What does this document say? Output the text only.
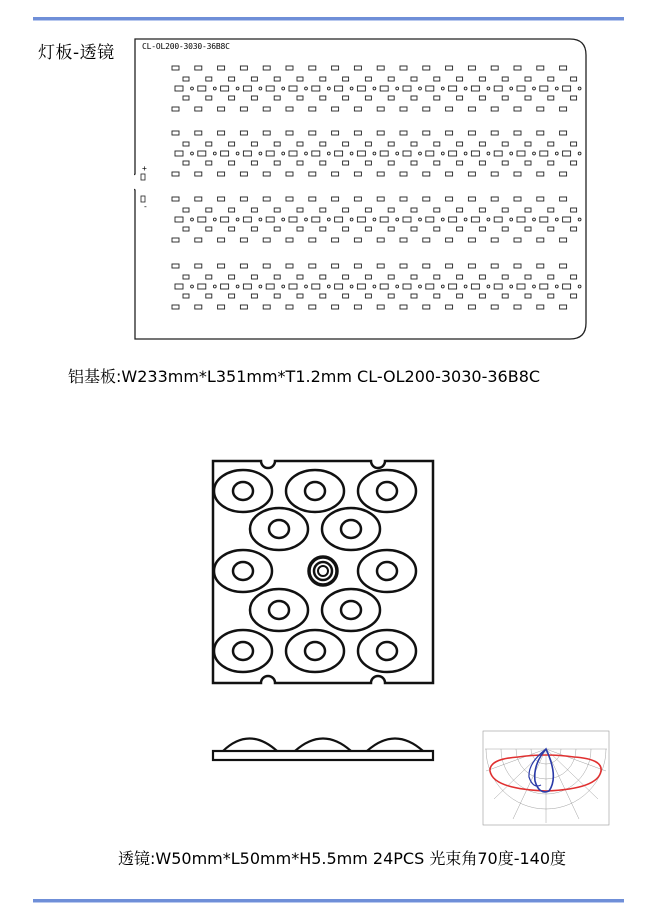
灯板-透镜
+
-
CL-OL200-3030-36B8C
铝基板:W233mm*L351mm*T1.2mm CL-OL200-3030-36B8C
透镜:W50mm*L50mm*H5.5mm 24PCS 光束角70度-140度
